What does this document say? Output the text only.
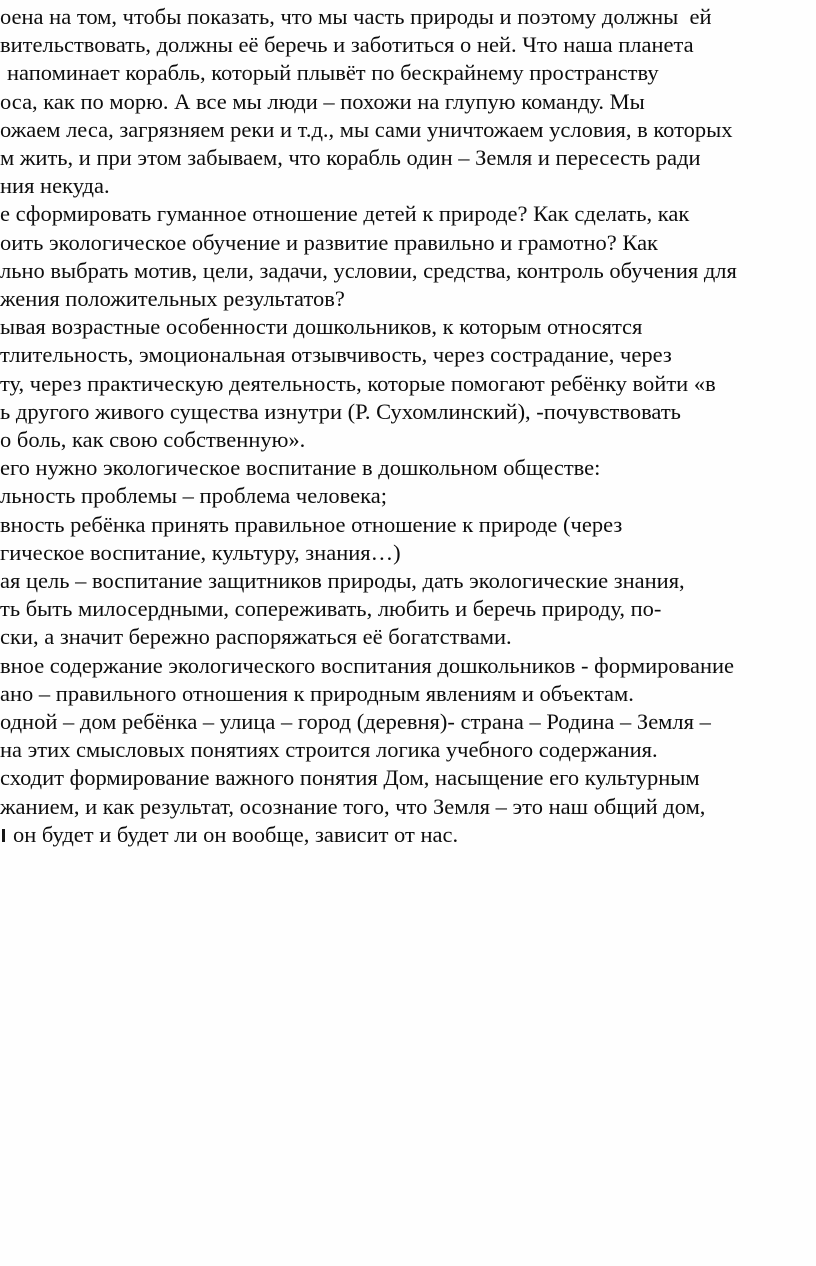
оена на том, чтобы показать, что мы часть природы и поэтому должны  ей
вительствовать, должны её беречь и заботиться о ней. Что наша планета
напоминает корабль, который плывёт по бескрайнему пространству
оса, как по морю. А все мы люди – похожи на глупую команду. Мы
ожаем леса, загрязняем реки и т.д., мы сами уничтожаем условия, в которых
м жить, и при этом забываем, что корабль один – Земля и пересесть ради
ния некуда.
е сформировать гуманное отношение детей к природе? Как сделать, как
оить экологическое обучение и развитие правильно и грамотно? Как
льно выбрать мотив, цели, задачи, условии, средства, контроль обучения для
жения положительных результатов?
ывая возрастные особенности дошкольников, к которым относятся
тлительность, эмоциональная отзывчивость, через сострадание, через
ту, через практическую деятельность, которые помогают ребёнку войти «в
ь другого живого существа изнутри (Р. Сухомлинский), -почувствовать
о боль, как свою собственную».
его нужно экологическое воспитание в дошкольном обществе:
льность проблемы – проблема человека;
вность ребёнка принять правильное отношение к природе (через
гическое воспитание, культуру, знания…)
ая цель – воспитание защитников природы, дать экологические знания,
ть быть милосердными, сопереживать, любить и беречь природу, по-
ски, а значит бережно распоряжаться её богатствами.
вное содержание экологического воспитания дошкольников - формирование
ано – правильного отношения к природным явлениям и объектам.
одной – дом ребёнка – улица – город (деревня)- страна – Родина – Земля –
на этих смысловых понятиях строится логика учебного содержания.
сходит формирование важного понятия Дом, насыщение его культурным
жанием, и как результат, осознание того, что Земля – это наш общий дом,
он будет и будет ли он вообще, зависит от нас.
